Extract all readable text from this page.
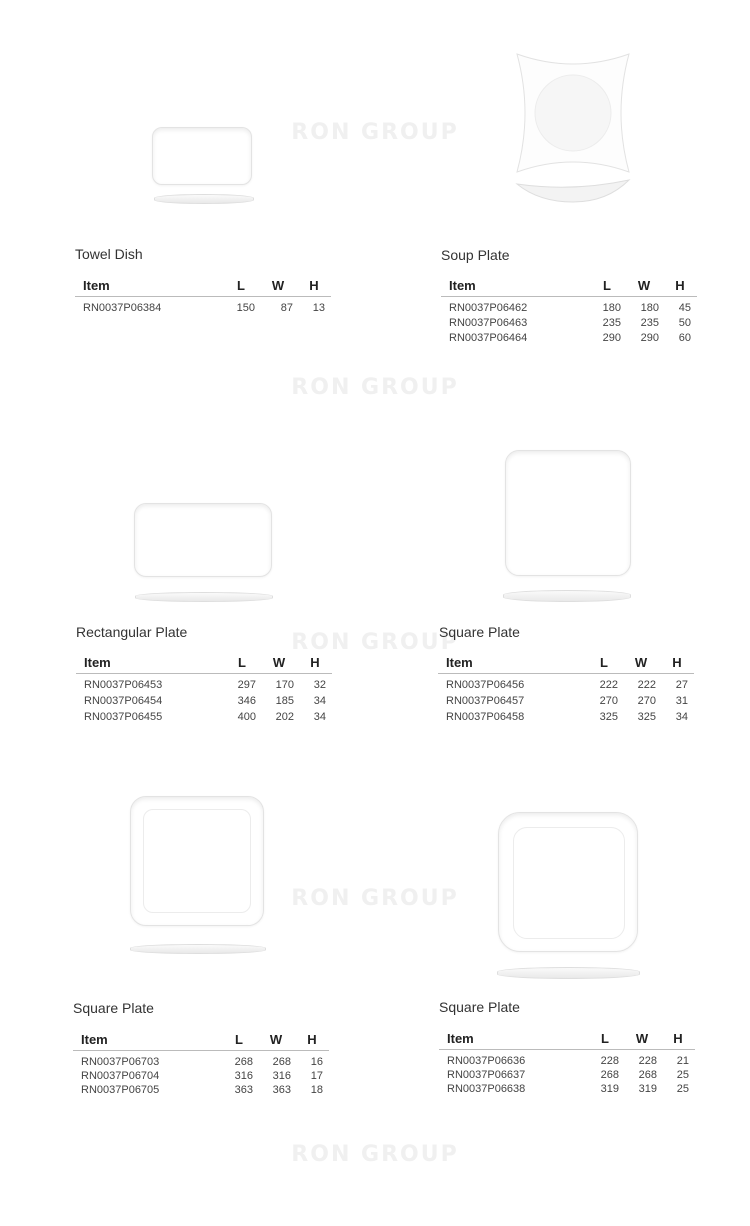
RON GROUP
RON GROUP
RON GROUP
RON GROUP
RON GROUP
Towel Dish
Item	L	W	H
RN0037P06384	150	87	13
Soup Plate
Item	L	W	H
RN0037P06462	180	180	45
RN0037P06463	235	235	50
RN0037P06464	290	290	60
Rectangular Plate
Item	L	W	H
RN0037P06453	297	170	32
RN0037P06454	346	185	34
RN0037P06455	400	202	34
Square Plate
Item	L	W	H
RN0037P06456	222	222	27
RN0037P06457	270	270	31
RN0037P06458	325	325	34
Square Plate
Item	L	W	H
RN0037P06703	268	268	16
RN0037P06704	316	316	17
RN0037P06705	363	363	18
Square Plate
Item	L	W	H
RN0037P06636	228	228	21
RN0037P06637	268	268	25
RN0037P06638	319	319	25
